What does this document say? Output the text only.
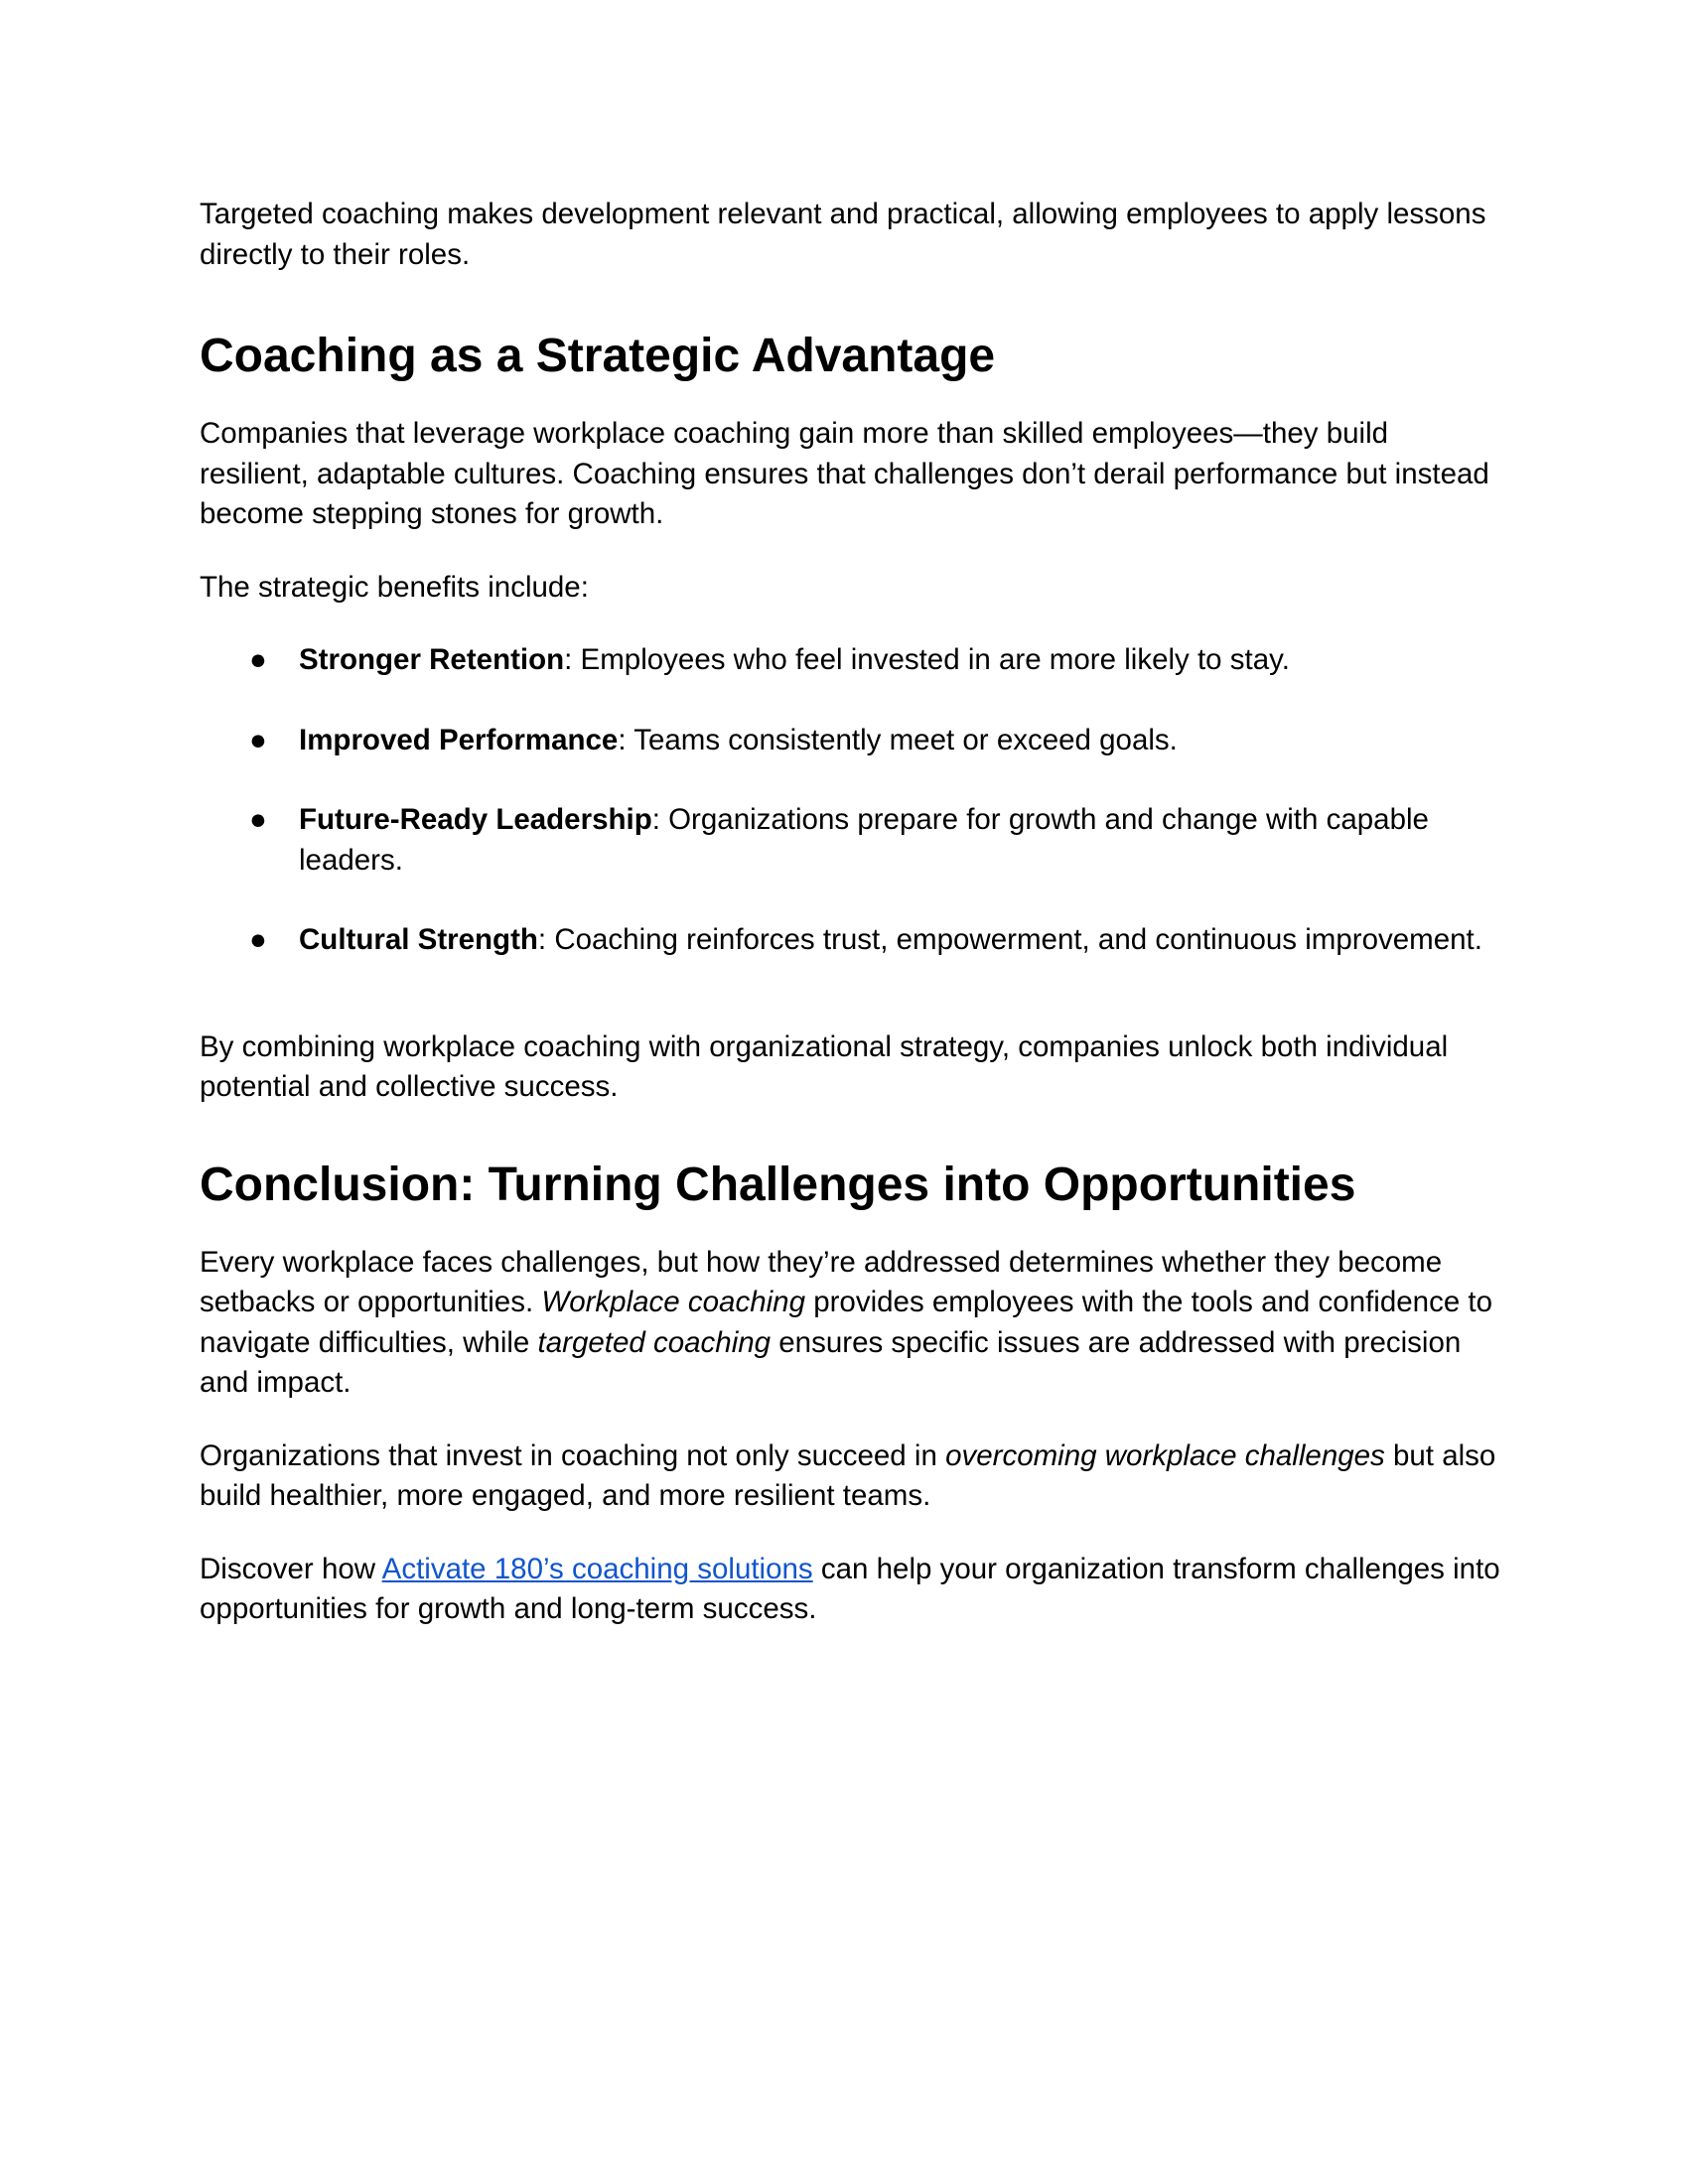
Targeted coaching makes development relevant and practical, allowing employees to apply lessons directly to their roles.

Coaching as a Strategic Advantage

Companies that leverage workplace coaching gain more than skilled employees—they build resilient, adaptable cultures. Coaching ensures that challenges don’t derail performance but instead become stepping stones for growth.

The strategic benefits include:

●	Stronger Retention: Employees who feel invested in are more likely to stay.
●	Improved Performance: Teams consistently meet or exceed goals.
●	Future-Ready Leadership: Organizations prepare for growth and change with capable leaders.
●	Cultural Strength: Coaching reinforces trust, empowerment, and continuous improvement.

By combining workplace coaching with organizational strategy, companies unlock both individual potential and collective success.

Conclusion: Turning Challenges into Opportunities

Every workplace faces challenges, but how they’re addressed determines whether they become setbacks or opportunities. Workplace coaching provides employees with the tools and confidence to navigate difficulties, while targeted coaching ensures specific issues are addressed with precision and impact.

Organizations that invest in coaching not only succeed in overcoming workplace challenges but also build healthier, more engaged, and more resilient teams.

Discover how Activate 180’s coaching solutions can help your organization transform challenges into opportunities for growth and long-term success.
